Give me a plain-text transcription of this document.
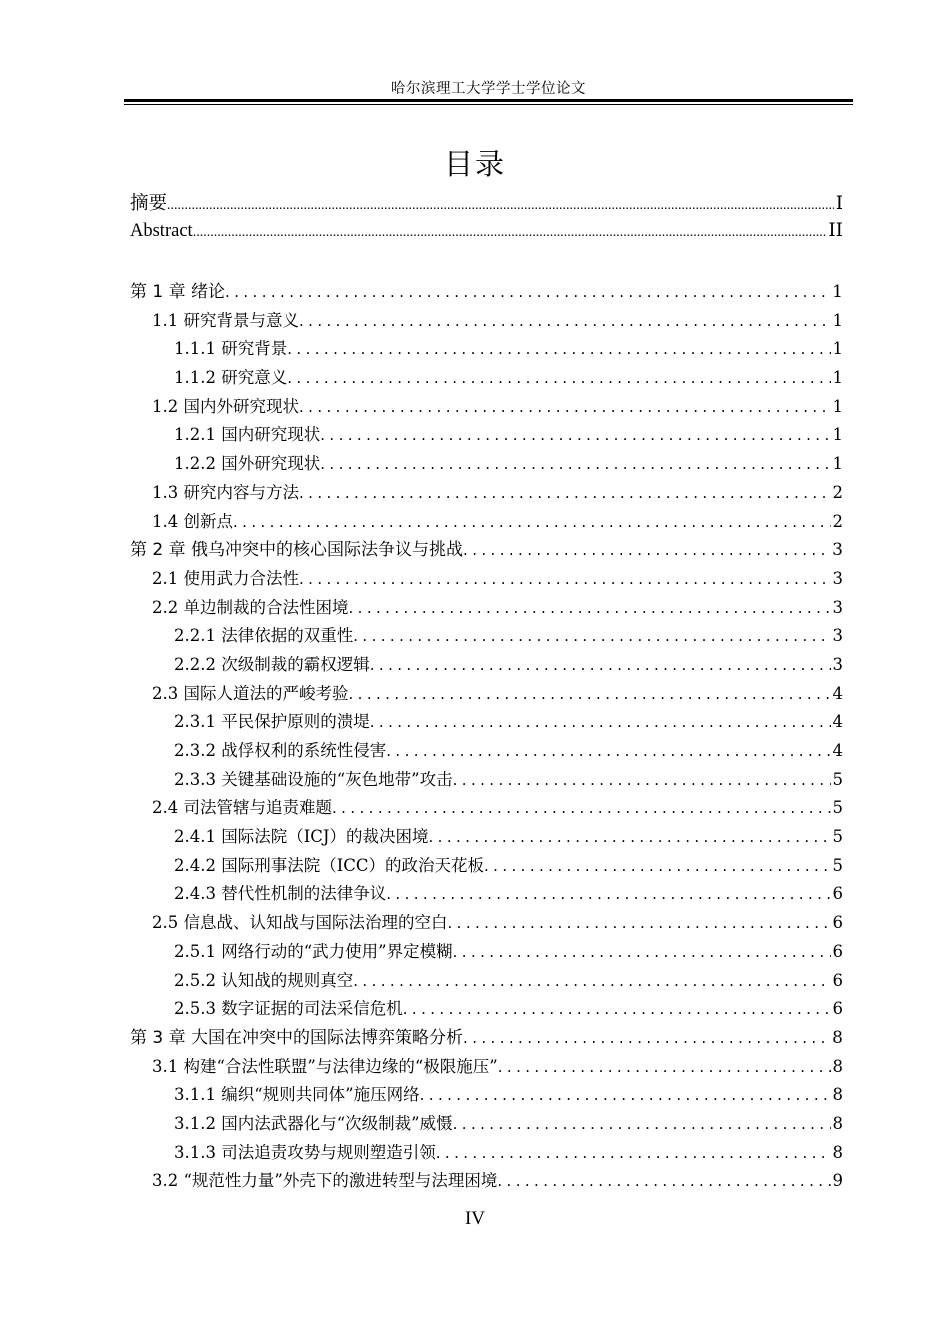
哈尔滨理工大学学士学位论文
目录
摘要 .....	I
Abstract .....	II
第 1 章 绪论 .....	1
1.1 研究背景与意义 .....	1
1.1.1 研究背景 .....	1
1.1.2 研究意义 .....	1
1.2 国内外研究现状 .....	1
1.2.1 国内研究现状 .....	1
1.2.2 国外研究现状 .....	1
1.3 研究内容与方法 .....	2
1.4 创新点 .....	2
第 2 章 俄乌冲突中的核心国际法争议与挑战 .....	3
2.1 使用武力合法性 .....	3
2.2 单边制裁的合法性困境 .....	3
2.2.1 法律依据的双重性 .....	3
2.2.2 次级制裁的霸权逻辑 .....	3
2.3 国际人道法的严峻考验 .....	4
2.3.1 平民保护原则的溃堤 .....	4
2.3.2 战俘权利的系统性侵害 .....	4
2.3.3 关键基础设施的“灰色地带”攻击 .....	5
2.4 司法管辖与追责难题 .....	5
2.4.1 国际法院（ICJ）的裁决困境 .....	5
2.4.2 国际刑事法院（ICC）的政治天花板 .....	5
2.4.3 替代性机制的法律争议 .....	6
2.5 信息战、认知战与国际法治理的空白 .....	6
2.5.1 网络行动的“武力使用”界定模糊 .....	6
2.5.2 认知战的规则真空 .....	6
2.5.3 数字证据的司法采信危机 .....	6
第 3 章 大国在冲突中的国际法博弈策略分析 .....	8
3.1 构建“合法性联盟”与法律边缘的“极限施压” .....	8
3.1.1 编织“规则共同体”施压网络 .....	8
3.1.2 国内法武器化与“次级制裁”威慑 .....	8
3.1.3 司法追责攻势与规则塑造引领 .....	8
3.2 “规范性力量”外壳下的激进转型与法理困境 .....	9
IV
